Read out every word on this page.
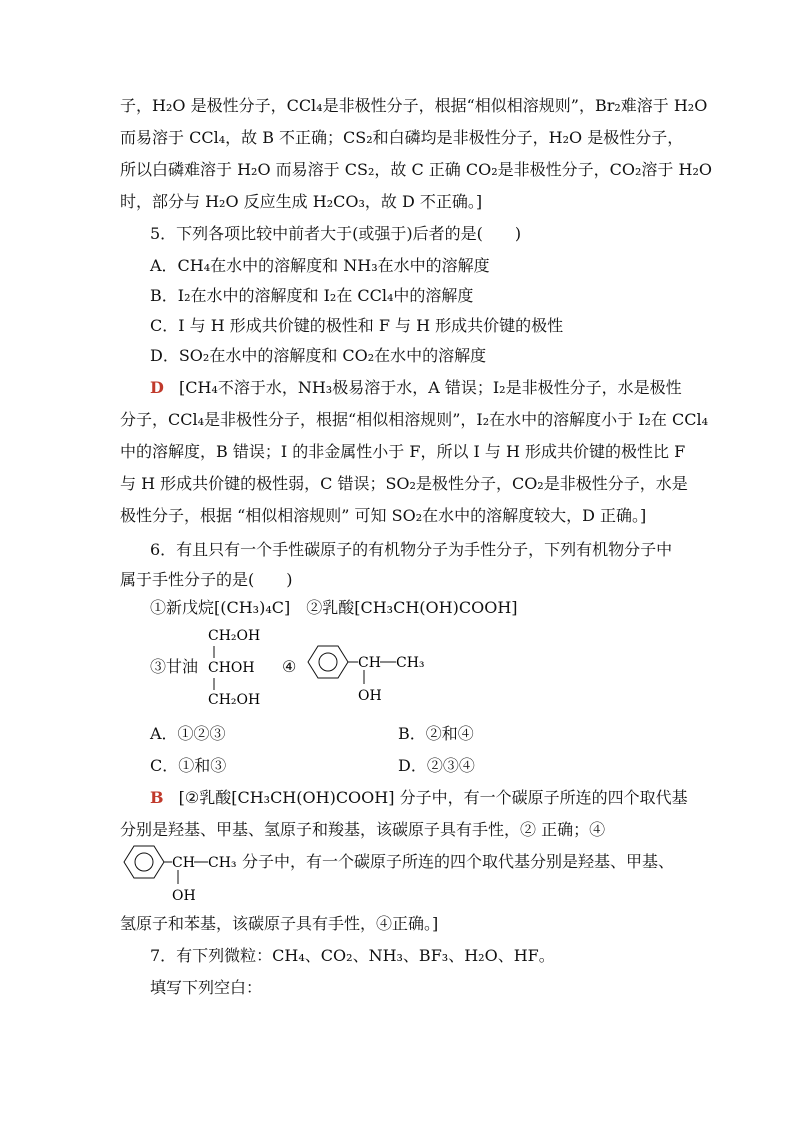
子，H₂O 是极性分子，CCl₄是非极性分子，根据“相似相溶规则”，Br₂难溶于 H₂O
而易溶于 CCl₄，故 B 不正确；CS₂和白磷均是非极性分子，H₂O 是极性分子，
所以白磷难溶于 H₂O 而易溶于 CS₂，故 C 正确 CO₂是非极性分子，CO₂溶于 H₂O
时，部分与 H₂O 反应生成 H₂CO₃，故 D 不正确。]
5．下列各项比较中前者大于(或强于)后者的是(　　)
A．CH₄在水中的溶解度和 NH₃在水中的溶解度
B．I₂在水中的溶解度和 I₂在 CCl₄中的溶解度
C．I 与 H 形成共价键的极性和 F 与 H 形成共价键的极性
D．SO₂在水中的溶解度和 CO₂在水中的溶解度
D [CH₄不溶于水，NH₃极易溶于水，A 错误；I₂是非极性分子，水是极性
分子，CCl₄是非极性分子，根据“相似相溶规则”，I₂在水中的溶解度小于 I₂在 CCl₄
中的溶解度，B 错误；I 的非金属性小于 F，所以 I 与 H 形成共价键的极性比 F
与 H 形成共价键的极性弱，C 错误；SO₂是极性分子，CO₂是非极性分子，水是
极性分子，根据 “相似相溶规则” 可知 SO₂在水中的溶解度较大，D 正确。]
6．有且只有一个手性碳原子的有机物分子为手性分子，下列有机物分子中
属于手性分子的是(　　)
①新戊烷[(CH₃)₄C]　②乳酸[CH₃CH(OH)COOH]
③甘油
CH₂OH
CHOH
CH₂OH
④	CH CH₃
OH
A．①②③	B．②和④
C．①和③	D．②③④
B [②乳酸[CH₃CH(OH)COOH] 分子中，有一个碳原子所连的四个取代基
分别是羟基、甲基、氢原子和羧基，该碳原子具有手性，② 正确；④
CH CH₃
OH
分子中，有一个碳原子所连的四个取代基分别是羟基、甲基、
氢原子和苯基，该碳原子具有手性，④正确。]
7．有下列微粒：CH₄、CO₂、NH₃、BF₃、H₂O、HF。
填写下列空白：
